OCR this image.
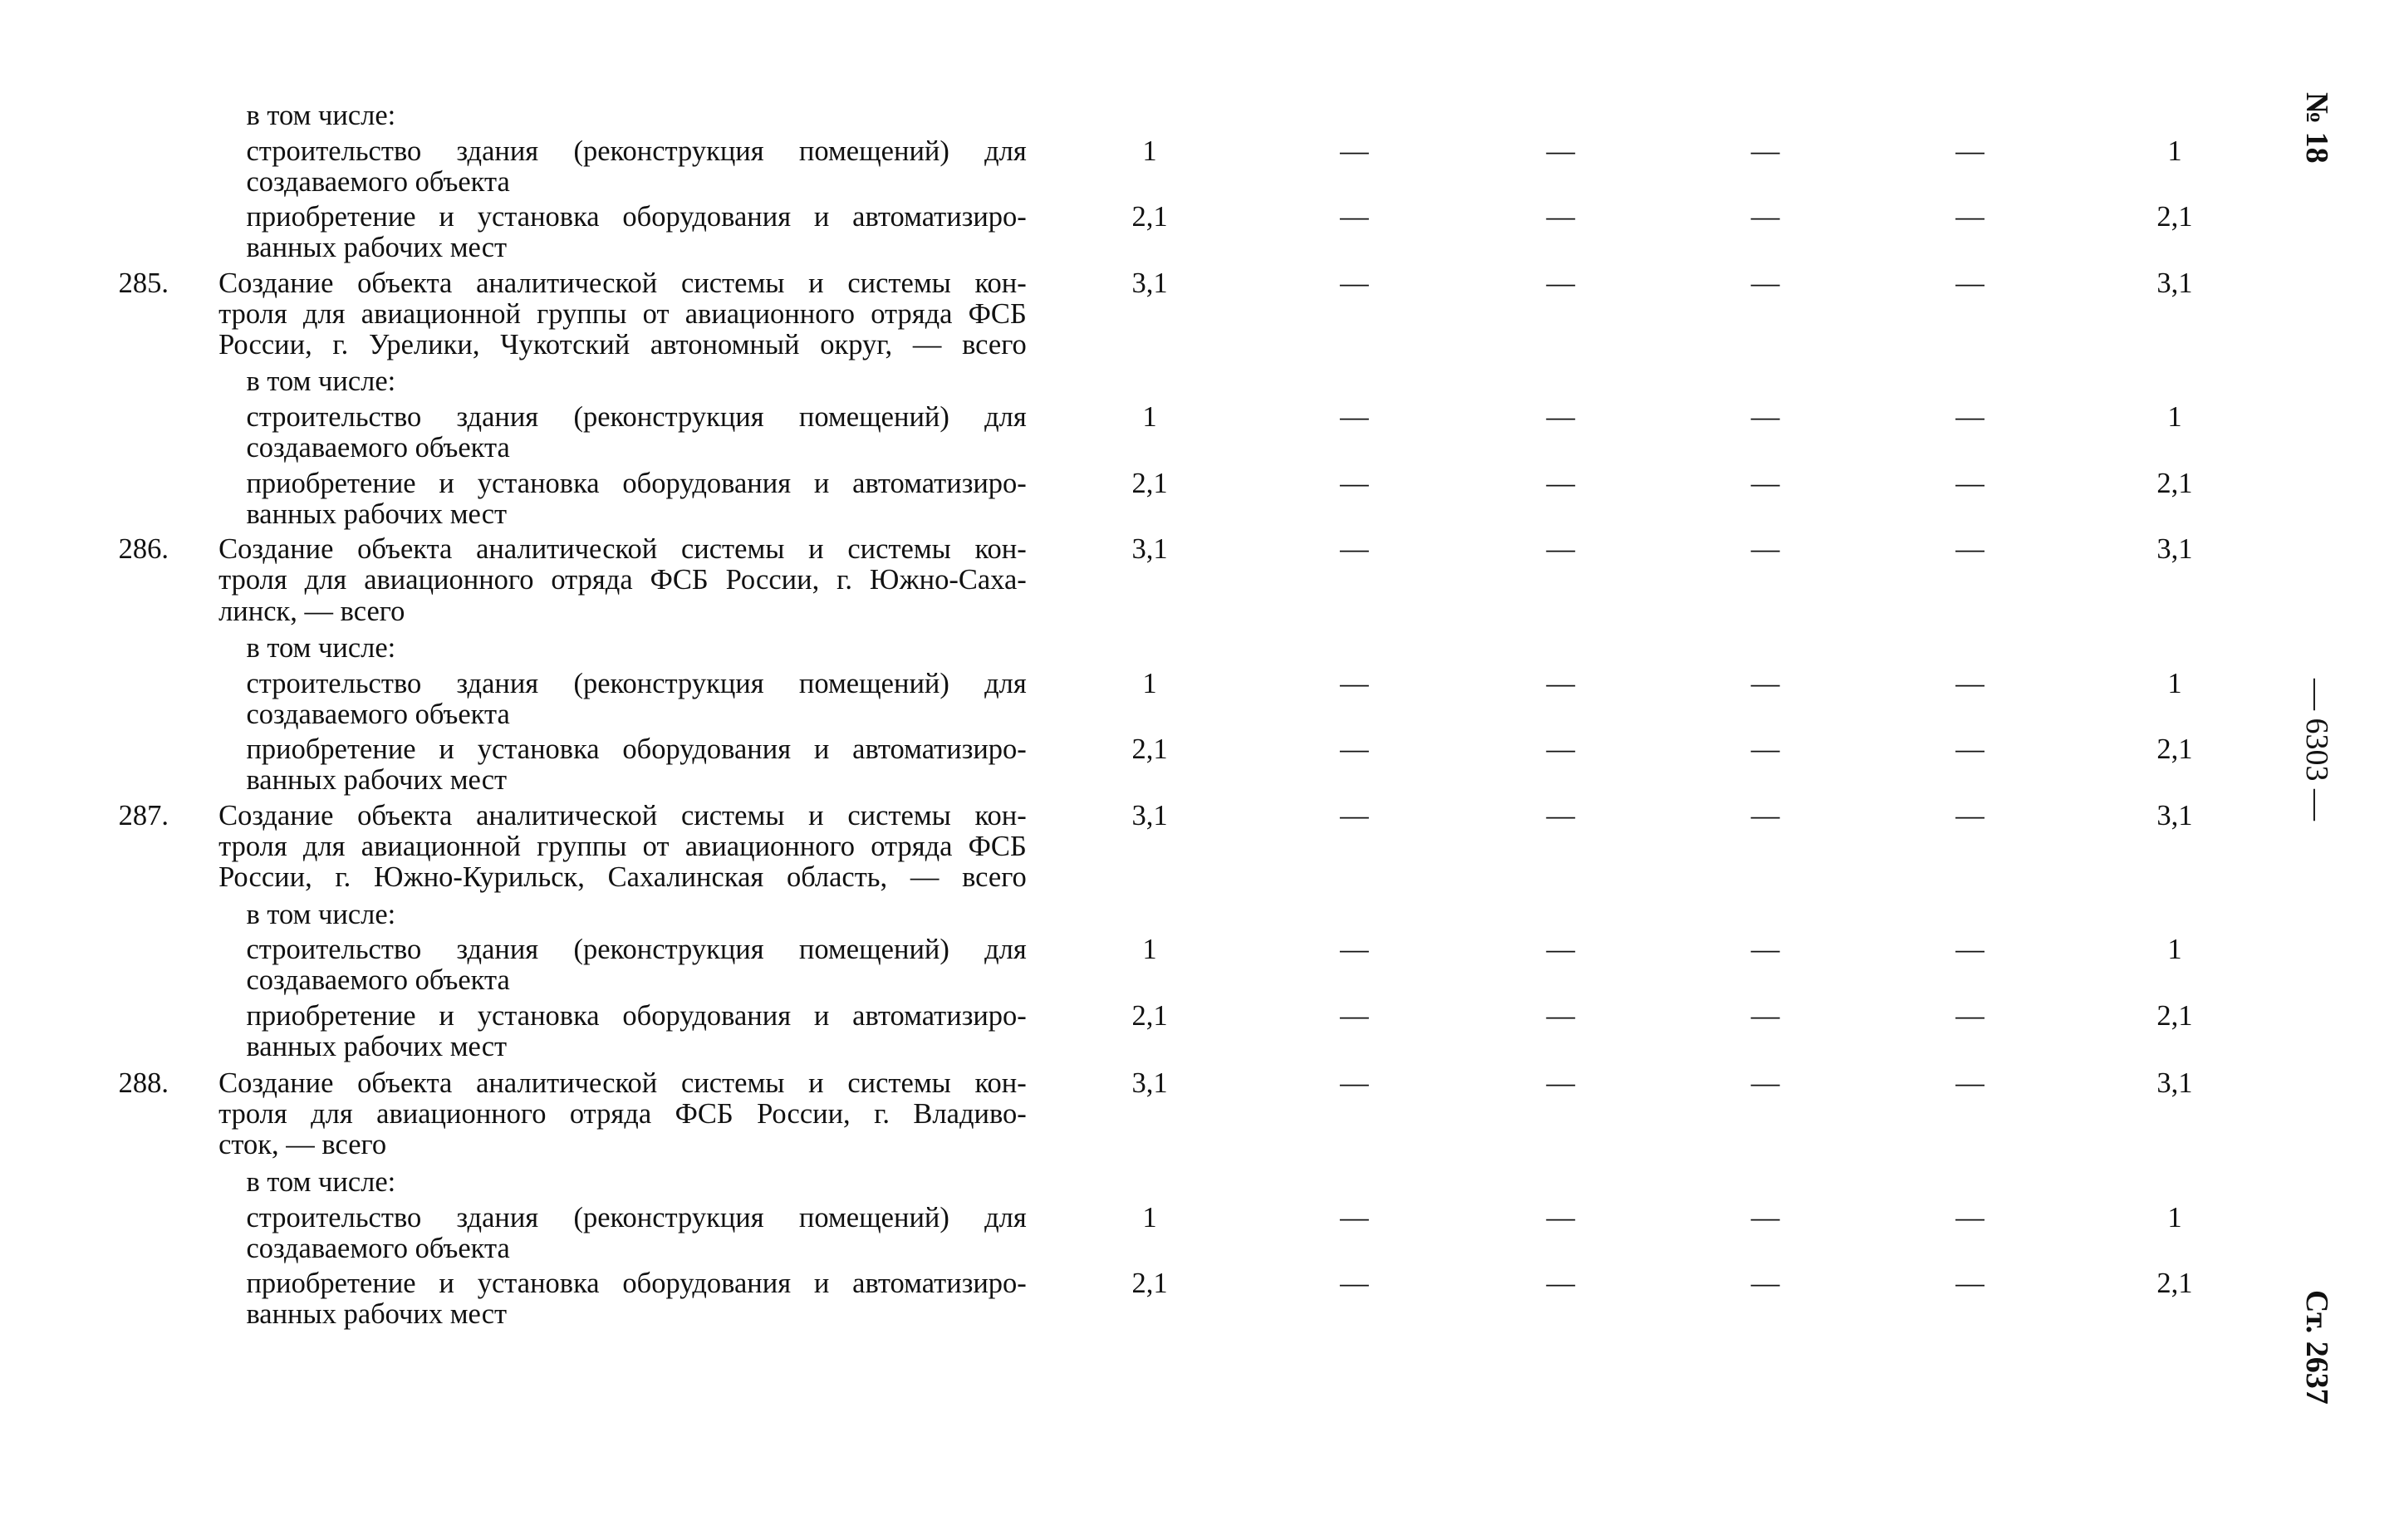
в том числе:
строительство здания (реконструкция помещений) для
создаваемого объекта
1	—	—	—	—	1
приобретение и установка оборудования и автоматизиро-
ванных рабочих мест
2,1	—	—	—	—	2,1
285. Создание объекта аналитической системы и системы кон-
троля для авиационной группы от авиационного отряда ФСБ
России, г. Урелики, Чукотский автономный округ, — всего
3,1	—	—	—	—	3,1
в том числе:
строительство здания (реконструкция помещений) для
создаваемого объекта
1	—	—	—	—	1
приобретение и установка оборудования и автоматизиро-
ванных рабочих мест
2,1	—	—	—	—	2,1
286. Создание объекта аналитической системы и системы кон-
троля для авиационного отряда ФСБ России, г. Южно-Саха-
линск, — всего
3,1	—	—	—	—	3,1
в том числе:
строительство здания (реконструкция помещений) для
создаваемого объекта
1	—	—	—	—	1
приобретение и установка оборудования и автоматизиро-
ванных рабочих мест
2,1	—	—	—	—	2,1
287. Создание объекта аналитической системы и системы кон-
троля для авиационной группы от авиационного отряда ФСБ
России, г. Южно-Курильск, Сахалинская область, — всего
3,1	—	—	—	—	3,1
в том числе:
строительство здания (реконструкция помещений) для
создаваемого объекта
1	—	—	—	—	1
приобретение и установка оборудования и автоматизиро-
ванных рабочих мест
2,1	—	—	—	—	2,1
288. Создание объекта аналитической системы и системы кон-
троля для авиационного отряда ФСБ России, г. Владиво-
сток, — всего
3,1	—	—	—	—	3,1
в том числе:
строительство здания (реконструкция помещений) для
создаваемого объекта
1	—	—	—	—	1
приобретение и установка оборудования и автоматизиро-
ванных рабочих мест
2,1	—	—	—	—	2,1
№ 18
— 6303 —
Ст. 2637
